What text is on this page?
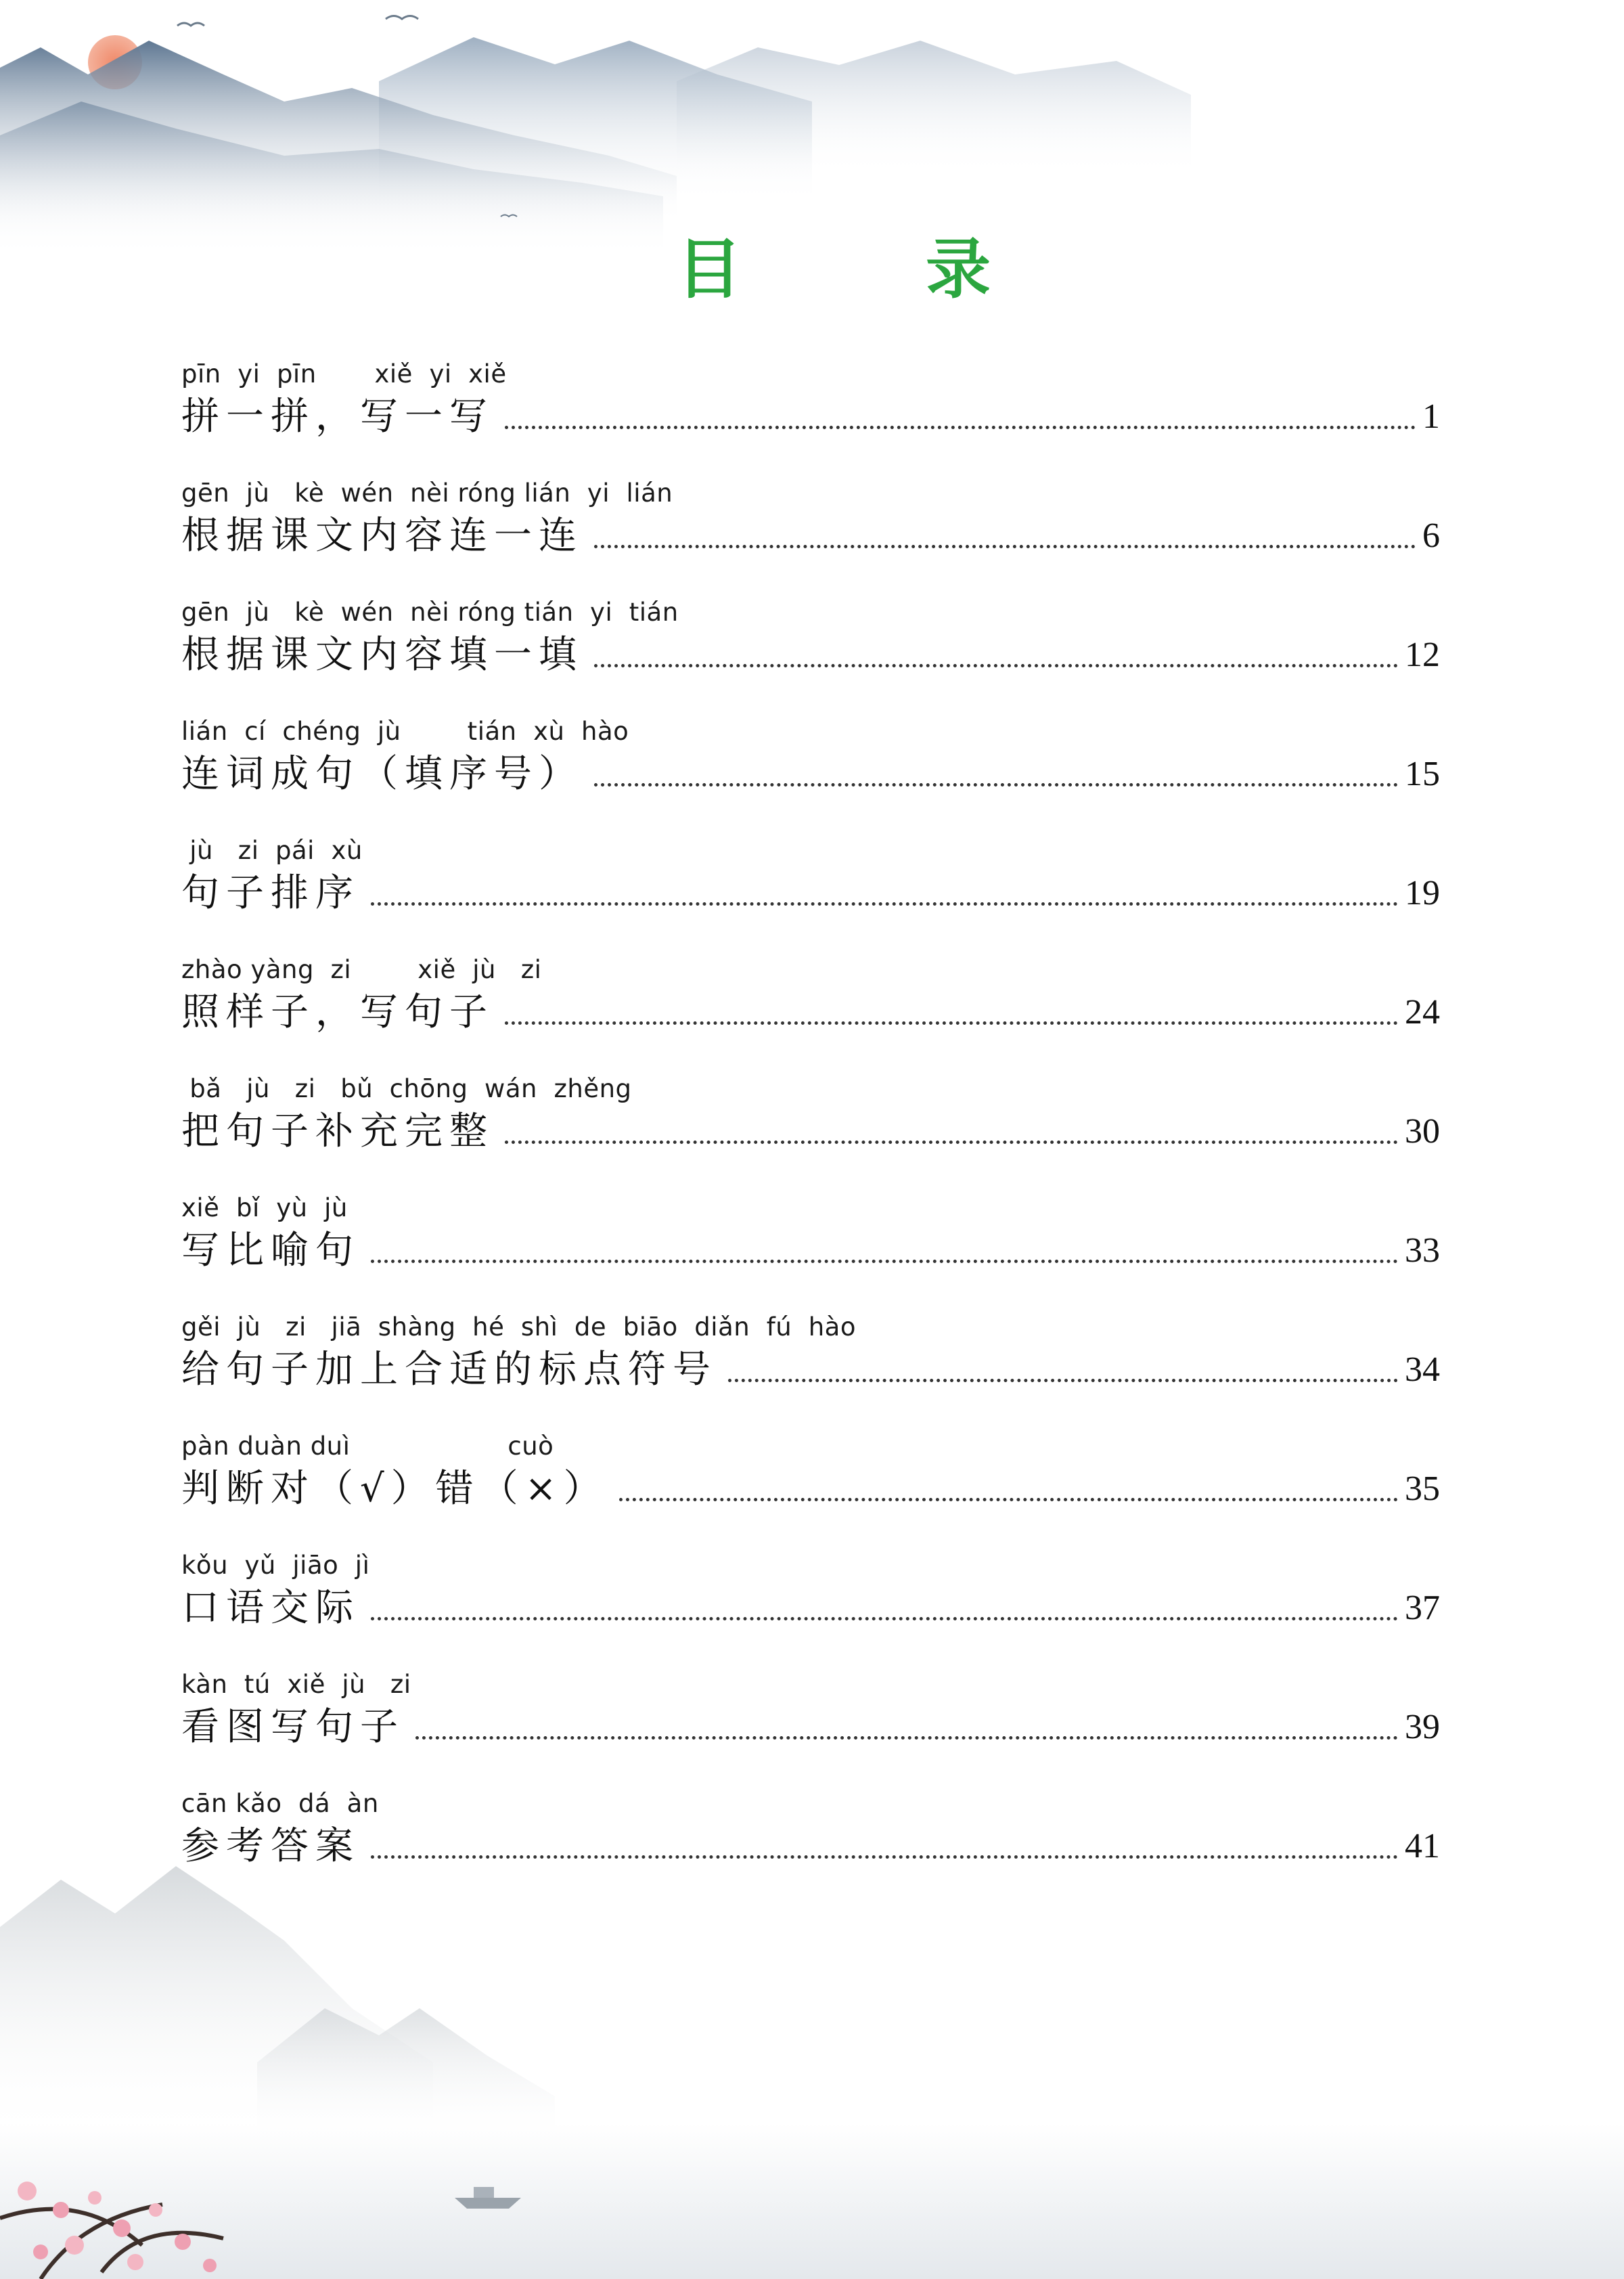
目	录
pīn  yi  pīn       xiě  yi  xiě
拼一拼，写一写	1
gēn  jù   kè  wén  nèi róng lián  yi  lián
根据课文内容连一连	6
gēn  jù   kè  wén  nèi róng tián  yi  tián
根据课文内容填一填	12
lián  cí  chéng  jù        tián  xù  hào
连词成句（填序号）	15
jù   zi  pái  xù
句子排序	19
zhào yàng  zi        xiě  jù   zi
照样子，写句子	24
bǎ   jù   zi   bǔ  chōng  wán  zhěng
把句子补充完整	30
xiě  bǐ  yù  jù
写比喻句	33
gěi  jù   zi   jiā  shàng  hé  shì  de  biāo  diǎn  fú  hào
给句子加上合适的标点符号	34
pàn duàn duì                   cuò
判断对（√）错（×）	35
kǒu  yǔ  jiāo  jì
口语交际	37
kàn  tú  xiě  jù   zi
看图写句子	39
cān kǎo  dá  àn
参考答案	41
